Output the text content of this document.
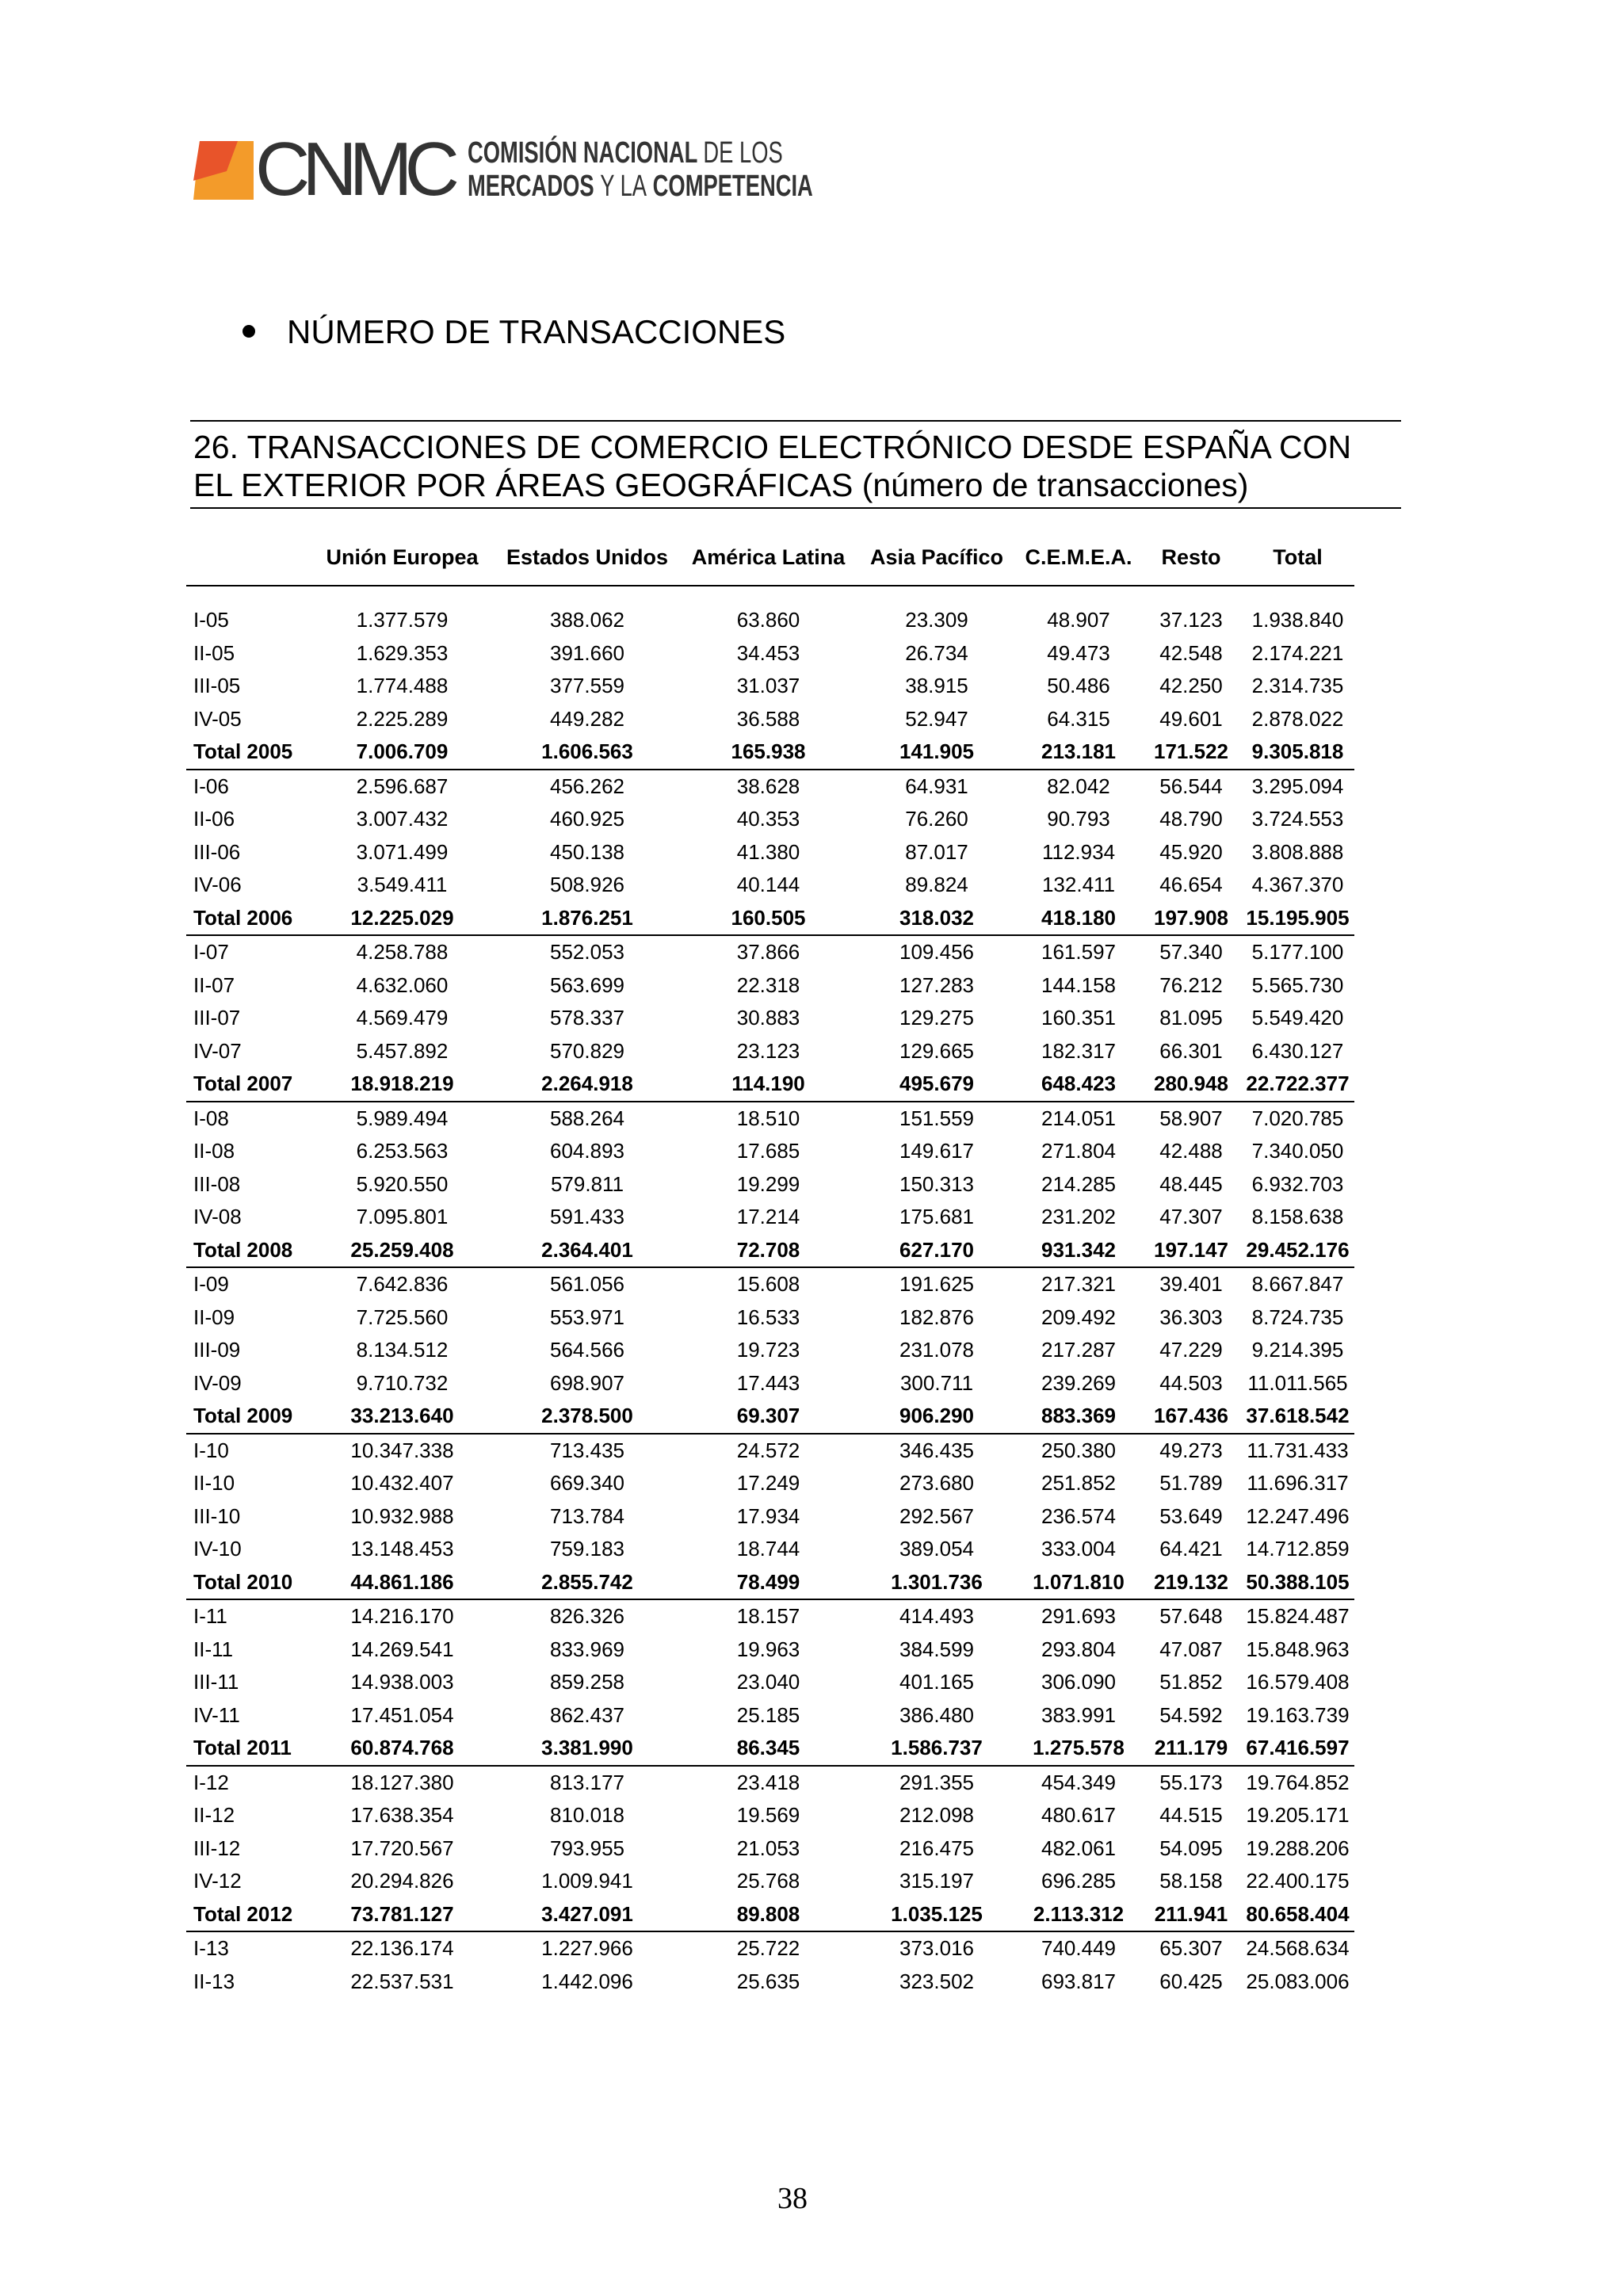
CNMC COMISIÓN NACIONAL DE LOS
MERCADOS Y LA COMPETENCIA
NÚMERO DE TRANSACCIONES
26. TRANSACCIONES DE COMERCIO ELECTRÓNICO DESDE ESPAÑA CON
EL EXTERIOR POR ÁREAS GEOGRÁFICAS (número de transacciones)
	Unión Europea	Estados Unidos	América Latina	Asia Pacífico	C.E.M.E.A.	Resto	Total

I-05	1.377.579	388.062	63.860	23.309	48.907	37.123	1.938.840
II-05	1.629.353	391.660	34.453	26.734	49.473	42.548	2.174.221
III-05	1.774.488	377.559	31.037	38.915	50.486	42.250	2.314.735
IV-05	2.225.289	449.282	36.588	52.947	64.315	49.601	2.878.022
Total 2005	7.006.709	1.606.563	165.938	141.905	213.181	171.522	9.305.818
I-06	2.596.687	456.262	38.628	64.931	82.042	56.544	3.295.094
II-06	3.007.432	460.925	40.353	76.260	90.793	48.790	3.724.553
III-06	3.071.499	450.138	41.380	87.017	112.934	45.920	3.808.888
IV-06	3.549.411	508.926	40.144	89.824	132.411	46.654	4.367.370
Total 2006	12.225.029	1.876.251	160.505	318.032	418.180	197.908	15.195.905
I-07	4.258.788	552.053	37.866	109.456	161.597	57.340	5.177.100
II-07	4.632.060	563.699	22.318	127.283	144.158	76.212	5.565.730
III-07	4.569.479	578.337	30.883	129.275	160.351	81.095	5.549.420
IV-07	5.457.892	570.829	23.123	129.665	182.317	66.301	6.430.127
Total 2007	18.918.219	2.264.918	114.190	495.679	648.423	280.948	22.722.377
I-08	5.989.494	588.264	18.510	151.559	214.051	58.907	7.020.785
II-08	6.253.563	604.893	17.685	149.617	271.804	42.488	7.340.050
III-08	5.920.550	579.811	19.299	150.313	214.285	48.445	6.932.703
IV-08	7.095.801	591.433	17.214	175.681	231.202	47.307	8.158.638
Total 2008	25.259.408	2.364.401	72.708	627.170	931.342	197.147	29.452.176
I-09	7.642.836	561.056	15.608	191.625	217.321	39.401	8.667.847
II-09	7.725.560	553.971	16.533	182.876	209.492	36.303	8.724.735
III-09	8.134.512	564.566	19.723	231.078	217.287	47.229	9.214.395
IV-09	9.710.732	698.907	17.443	300.711	239.269	44.503	11.011.565
Total 2009	33.213.640	2.378.500	69.307	906.290	883.369	167.436	37.618.542
I-10	10.347.338	713.435	24.572	346.435	250.380	49.273	11.731.433
II-10	10.432.407	669.340	17.249	273.680	251.852	51.789	11.696.317
III-10	10.932.988	713.784	17.934	292.567	236.574	53.649	12.247.496
IV-10	13.148.453	759.183	18.744	389.054	333.004	64.421	14.712.859
Total 2010	44.861.186	2.855.742	78.499	1.301.736	1.071.810	219.132	50.388.105
I-11	14.216.170	826.326	18.157	414.493	291.693	57.648	15.824.487
II-11	14.269.541	833.969	19.963	384.599	293.804	47.087	15.848.963
III-11	14.938.003	859.258	23.040	401.165	306.090	51.852	16.579.408
IV-11	17.451.054	862.437	25.185	386.480	383.991	54.592	19.163.739
Total 2011	60.874.768	3.381.990	86.345	1.586.737	1.275.578	211.179	67.416.597
I-12	18.127.380	813.177	23.418	291.355	454.349	55.173	19.764.852
II-12	17.638.354	810.018	19.569	212.098	480.617	44.515	19.205.171
III-12	17.720.567	793.955	21.053	216.475	482.061	54.095	19.288.206
IV-12	20.294.826	1.009.941	25.768	315.197	696.285	58.158	22.400.175
Total 2012	73.781.127	3.427.091	89.808	1.035.125	2.113.312	211.941	80.658.404
I-13	22.136.174	1.227.966	25.722	373.016	740.449	65.307	24.568.634
II-13	22.537.531	1.442.096	25.635	323.502	693.817	60.425	25.083.006
38
